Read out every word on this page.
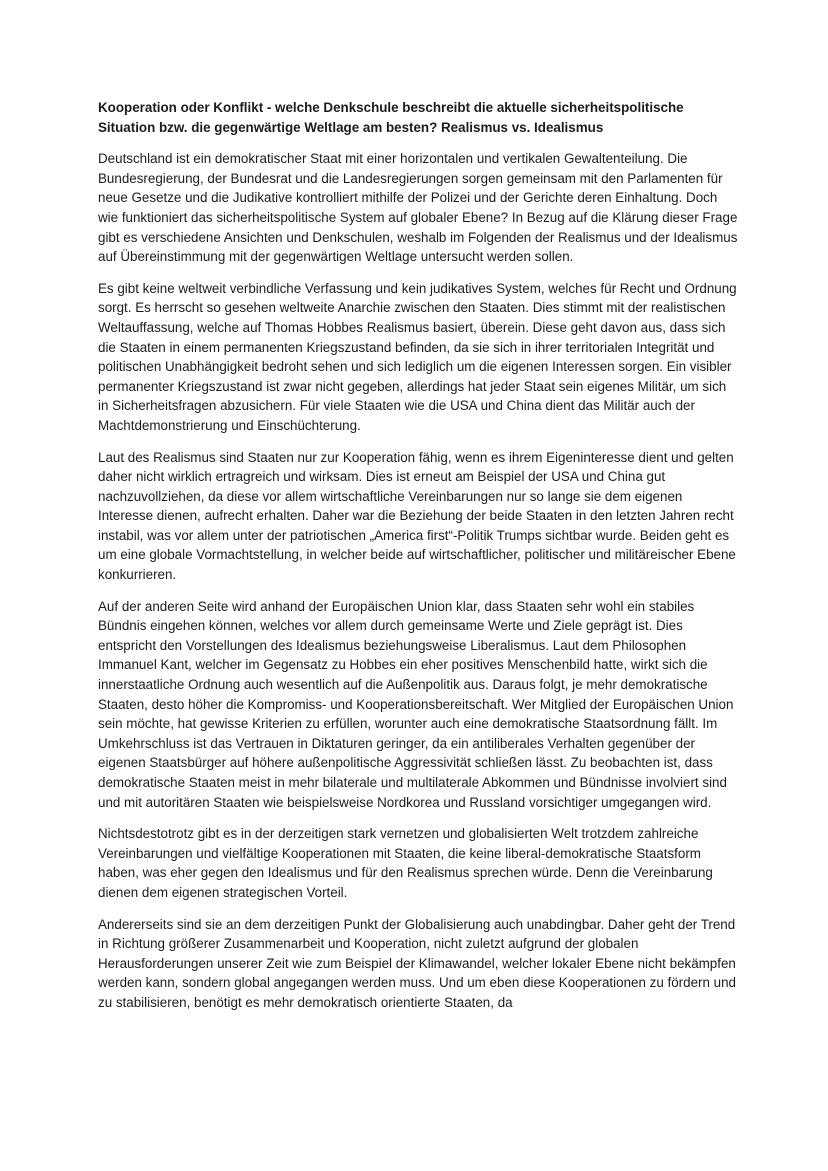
Kooperation oder Konflikt - welche Denkschule beschreibt die aktuelle sicherheitspolitische Situation bzw. die gegenwärtige Weltlage am besten? Realismus vs. Idealismus

Deutschland ist ein demokratischer Staat mit einer horizontalen und vertikalen Gewaltenteilung. Die Bundesregierung, der Bundesrat und die Landesregierungen sorgen gemeinsam mit den Parlamenten für neue Gesetze und die Judikative kontrolliert mithilfe der Polizei und der Gerichte deren Einhaltung. Doch wie funktioniert das sicherheitspolitische System auf globaler Ebene? In Bezug auf die Klärung dieser Frage gibt es verschiedene Ansichten und Denkschulen, weshalb im Folgenden der Realismus und der Idealismus auf Übereinstimmung mit der gegenwärtigen Weltlage untersucht werden sollen.

Es gibt keine weltweit verbindliche Verfassung und kein judikatives System, welches für Recht und Ordnung sorgt. Es herrscht so gesehen weltweite Anarchie zwischen den Staaten. Dies stimmt mit der realistischen Weltauffassung, welche auf Thomas Hobbes Realismus basiert, überein. Diese geht davon aus, dass sich die Staaten in einem permanenten Kriegszustand befinden, da sie sich in ihrer territorialen Integrität und politischen Unabhängigkeit bedroht sehen und sich lediglich um die eigenen Interessen sorgen. Ein visibler permanenter Kriegszustand ist zwar nicht gegeben, allerdings hat jeder Staat sein eigenes Militär, um sich in Sicherheitsfragen abzusichern. Für viele Staaten wie die USA und China dient das Militär auch der Machtdemonstrierung und Einschüchterung.

Laut des Realismus sind Staaten nur zur Kooperation fähig, wenn es ihrem Eigeninteresse dient und gelten daher nicht wirklich ertragreich und wirksam. Dies ist erneut am Beispiel der USA und China gut nachzuvollziehen, da diese vor allem wirtschaftliche Vereinbarungen nur so lange sie dem eigenen Interesse dienen, aufrecht erhalten. Daher war die Beziehung der beide Staaten in den letzten Jahren recht instabil, was vor allem unter der patriotischen „America first“-Politik Trumps sichtbar wurde. Beiden geht es um eine globale Vormachtstellung, in welcher beide auf wirtschaftlicher, politischer und militäreischer Ebene konkurrieren.

Auf der anderen Seite wird anhand der Europäischen Union klar, dass Staaten sehr wohl ein stabiles Bündnis eingehen können, welches vor allem durch gemeinsame Werte und Ziele geprägt ist. Dies entspricht den Vorstellungen des Idealismus beziehungsweise Liberalismus. Laut dem Philosophen Immanuel Kant, welcher im Gegensatz zu Hobbes ein eher positives Menschenbild hatte, wirkt sich die innerstaatliche Ordnung auch wesentlich auf die Außenpolitik aus. Daraus folgt, je mehr demokratische Staaten, desto höher die Kompromiss- und Kooperationsbereitschaft. Wer Mitglied der Europäischen Union sein möchte, hat gewisse Kriterien zu erfüllen, worunter auch eine demokratische Staatsordnung fällt. Im Umkehrschluss ist das Vertrauen in Diktaturen geringer, da ein antiliberales Verhalten gegenüber der eigenen Staatsbürger auf höhere außenpolitische Aggressivität schließen lässt. Zu beobachten ist, dass demokratische Staaten meist in mehr bilaterale und multilaterale Abkommen und Bündnisse involviert sind und mit autoritären Staaten wie beispielsweise Nordkorea und Russland vorsichtiger umgegangen wird.

Nichtsdestotrotz gibt es in der derzeitigen stark vernetzen und globalisierten Welt trotzdem zahlreiche Vereinbarungen und vielfältige Kooperationen mit Staaten, die keine liberal-demokratische Staatsform haben, was eher gegen den Idealismus und für den Realismus sprechen würde. Denn die Vereinbarung dienen dem eigenen strategischen Vorteil.

Andererseits sind sie an dem derzeitigen Punkt der Globalisierung auch unabdingbar. Daher geht der Trend in Richtung größerer Zusammenarbeit und Kooperation, nicht zuletzt aufgrund der globalen Herausforderungen unserer Zeit wie zum Beispiel der Klimawandel, welcher lokaler Ebene nicht bekämpfen werden kann, sondern global angegangen werden muss. Und um eben diese Kooperationen zu fördern und zu stabilisieren, benötigt es mehr demokratisch orientierte Staaten, da
